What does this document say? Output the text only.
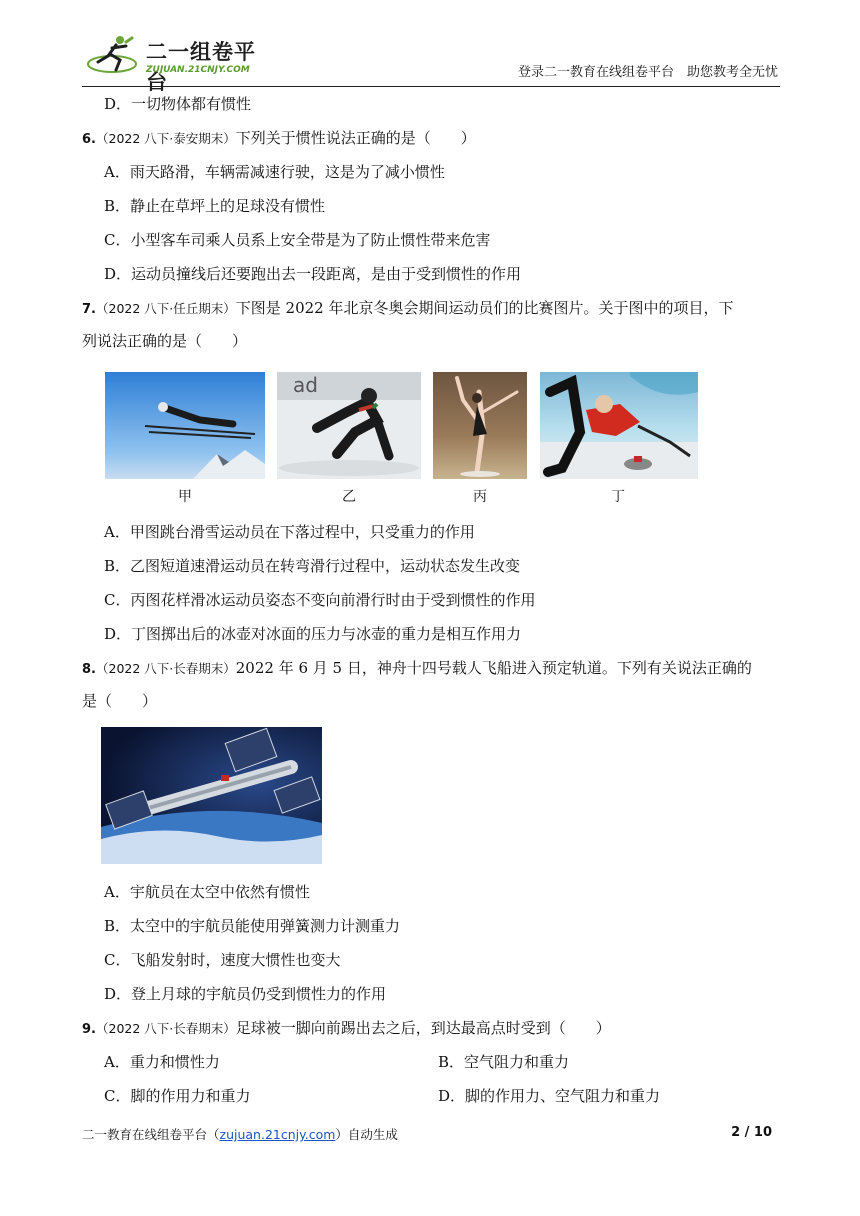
二一组卷平台
ZUJUAN.21CNJY.COM	登录二一教育在线组卷平台　助您教考全无忧
D．一切物体都有惯性
6.（2022 八下·泰安期末）下列关于惯性说法正确的是（　　）
A．雨天路滑，车辆需减速行驶，这是为了减小惯性
B．静止在草坪上的足球没有惯性
C．小型客车司乘人员系上安全带是为了防止惯性带来危害
D．运动员撞线后还要跑出去一段距离，是由于受到惯性的作用
7.（2022 八下·任丘期末）下图是 2022 年北京冬奥会期间运动员们的比赛图片。关于图中的项目，下
列说法正确的是（　　）
ad
甲	乙	丙	丁
A．甲图跳台滑雪运动员在下落过程中，只受重力的作用
B．乙图短道速滑运动员在转弯滑行过程中，运动状态发生改变
C．丙图花样滑冰运动员姿态不变向前滑行时由于受到惯性的作用
D．丁图掷出后的冰壶对冰面的压力与冰壶的重力是相互作用力
8.（2022 八下·长春期末）2022 年 6 月 5 日，神舟十四号载人飞船进入预定轨道。下列有关说法正确的
是（　　）
A．宇航员在太空中依然有惯性
B．太空中的宇航员能使用弹簧测力计测重力
C．飞船发射时，速度大惯性也变大
D．登上月球的宇航员仍受到惯性力的作用
9.（2022 八下·长春期末）足球被一脚向前踢出去之后，到达最高点时受到（　　）
A．重力和惯性力	B．空气阻力和重力
C．脚的作用力和重力	D．脚的作用力、空气阻力和重力
二一教育在线组卷平台（zujuan.21cnjy.com）自动生成	2 / 10
